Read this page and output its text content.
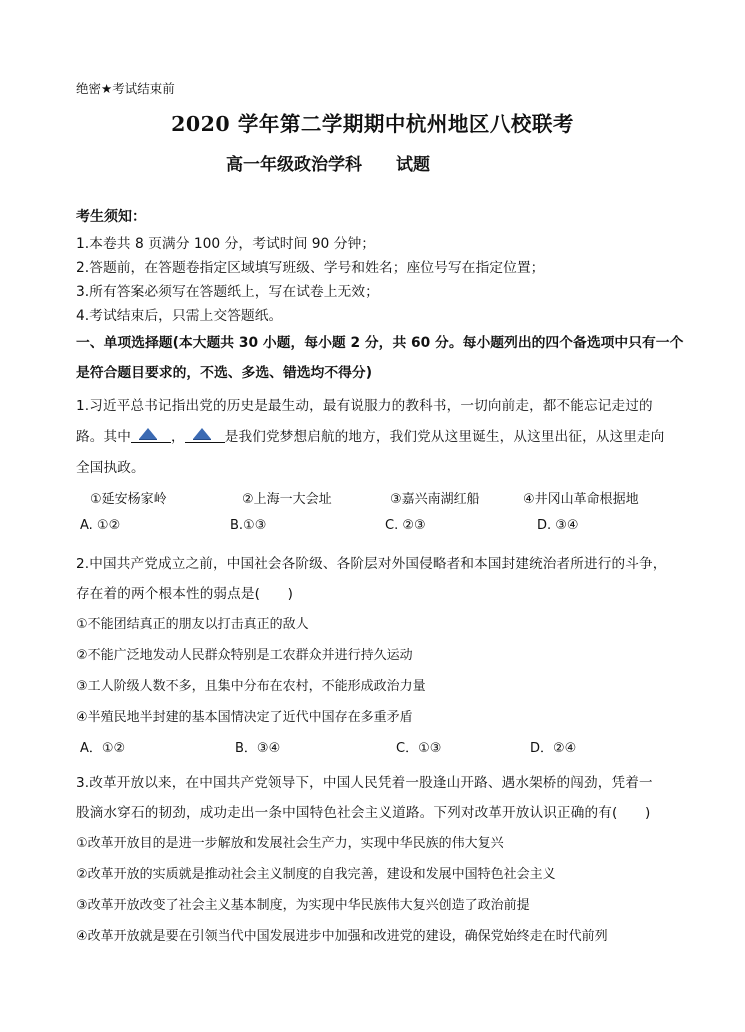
绝密★考试结束前
2020 学年第二学期期中杭州地区八校联考
高一年级政治学科 试题
考生须知：
1.本卷共 8 页满分 100 分，考试时间 90 分钟；
2.答题前，在答题卷指定区域填写班级、学号和姓名；座位号写在指定位置；
3.所有答案必须写在答题纸上，写在试卷上无效；
4.考试结束后，只需上交答题纸。
一、单项选择题(本大题共 30 小题，每小题 2 分，共 60 分。每小题列出的四个备选项中只有一个
是符合题目要求的，不选、多选、错选均不得分)
1.习近平总书记指出党的历史是最生动，最有说服力的教科书，一切向前走，都不能忘记走过的
路。其中	，	是我们党梦想启航的地方，我们党从这里诞生，从这里出征，从这里走向
全国执政。
①延安杨家岭	②上海一大会址	③嘉兴南湖红船	④井冈山革命根据地
A. ①②	B.①③	C. ②③	D. ③④
2.中国共产党成立之前，中国社会各阶级、各阶层对外国侵略者和本国封建统治者所进行的斗争，
存在着的两个根本性的弱点是(　　)
①不能团结真正的朋友以打击真正的敌人
②不能广泛地发动人民群众特别是工农群众并进行持久运动
③工人阶级人数不多，且集中分布在农村，不能形成政治力量
④半殖民地半封建的基本国情决定了近代中国存在多重矛盾
A．①②	B．③④	C．①③	D．②④
3.改革开放以来，在中国共产党领导下，中国人民凭着一股逢山开路、遇水架桥的闯劲，凭着一
股滴水穿石的韧劲，成功走出一条中国特色社会主义道路。下列对改革开放认识正确的有(　　)
①改革开放目的是进一步解放和发展社会生产力，实现中华民族的伟大复兴
②改革开放的实质就是推动社会主义制度的自我完善，建设和发展中国特色社会主义
③改革开放改变了社会主义基本制度，为实现中华民族伟大复兴创造了政治前提
④改革开放就是要在引领当代中国发展进步中加强和改进党的建设，确保党始终走在时代前列
